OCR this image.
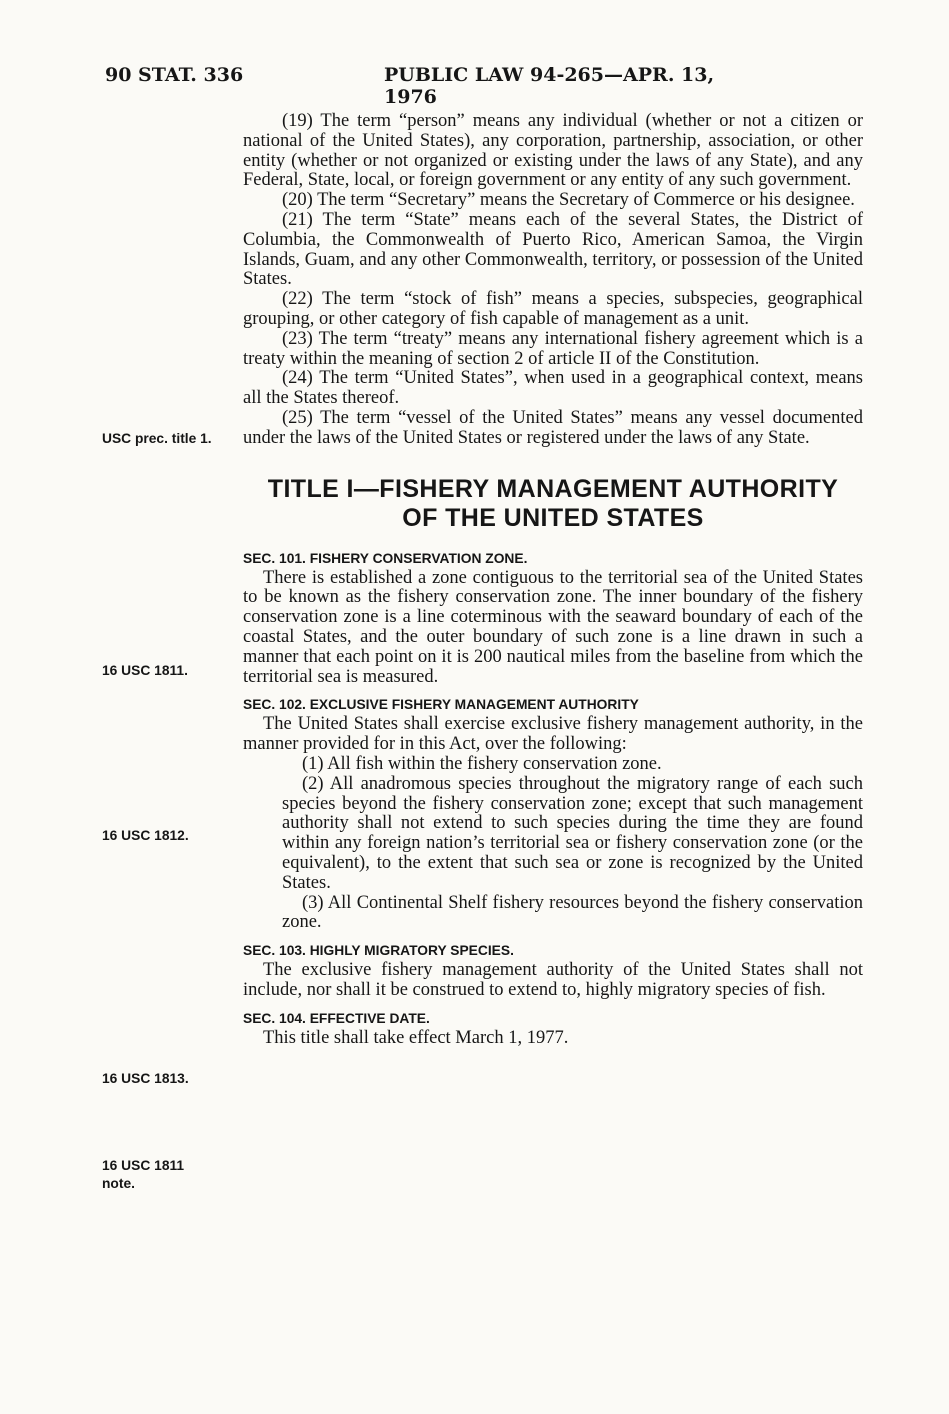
90 STAT. 336	PUBLIC LAW 94-265—APR. 13, 1976
USC prec. title 1.
16 USC 1811.
16 USC 1812.
16 USC 1813.
16 USC 1811
note.

(19) The term “person” means any individual (whether or not a citizen or national of the United States), any corporation, partnership, association, or other entity (whether or not organized or existing under the laws of any State), and any Federal, State, local, or foreign government or any entity of any such government.

(20) The term “Secretary” means the Secretary of Commerce or his designee.

(21) The term “State” means each of the several States, the District of Columbia, the Commonwealth of Puerto Rico, American Samoa, the Virgin Islands, Guam, and any other Commonwealth, territory, or possession of the United States.

(22) The term “stock of fish” means a species, subspecies, geographical grouping, or other category of fish capable of management as a unit.

(23) The term “treaty” means any international fishery agreement which is a treaty within the meaning of section 2 of article II of the Constitution.

(24) The term “United States”, when used in a geographical context, means all the States thereof.

(25) The term “vessel of the United States” means any vessel documented under the laws of the United States or registered under the laws of any State.

TITLE I—FISHERY MANAGEMENT AUTHORITY
OF THE UNITED STATES
SEC. 101. FISHERY CONSERVATION ZONE.

There is established a zone contiguous to the territorial sea of the United States to be known as the fishery conservation zone. The inner boundary of the fishery conservation zone is a line coterminous with the seaward boundary of each of the coastal States, and the outer boundary of such zone is a line drawn in such a manner that each point on it is 200 nautical miles from the baseline from which the territorial sea is measured.

SEC. 102. EXCLUSIVE FISHERY MANAGEMENT AUTHORITY

The United States shall exercise exclusive fishery management authority, in the manner provided for in this Act, over the following:

(1) All fish within the fishery conservation zone.

(2) All anadromous species throughout the migratory range of each such species beyond the fishery conservation zone; except that such management authority shall not extend to such species during the time they are found within any foreign nation’s territorial sea or fishery conservation zone (or the equivalent), to the extent that such sea or zone is recognized by the United States.

(3) All Continental Shelf fishery resources beyond the fishery conservation zone.

SEC. 103. HIGHLY MIGRATORY SPECIES.

The exclusive fishery management authority of the United States shall not include, nor shall it be construed to extend to, highly migratory species of fish.

SEC. 104. EFFECTIVE DATE.

This title shall take effect March 1, 1977.
